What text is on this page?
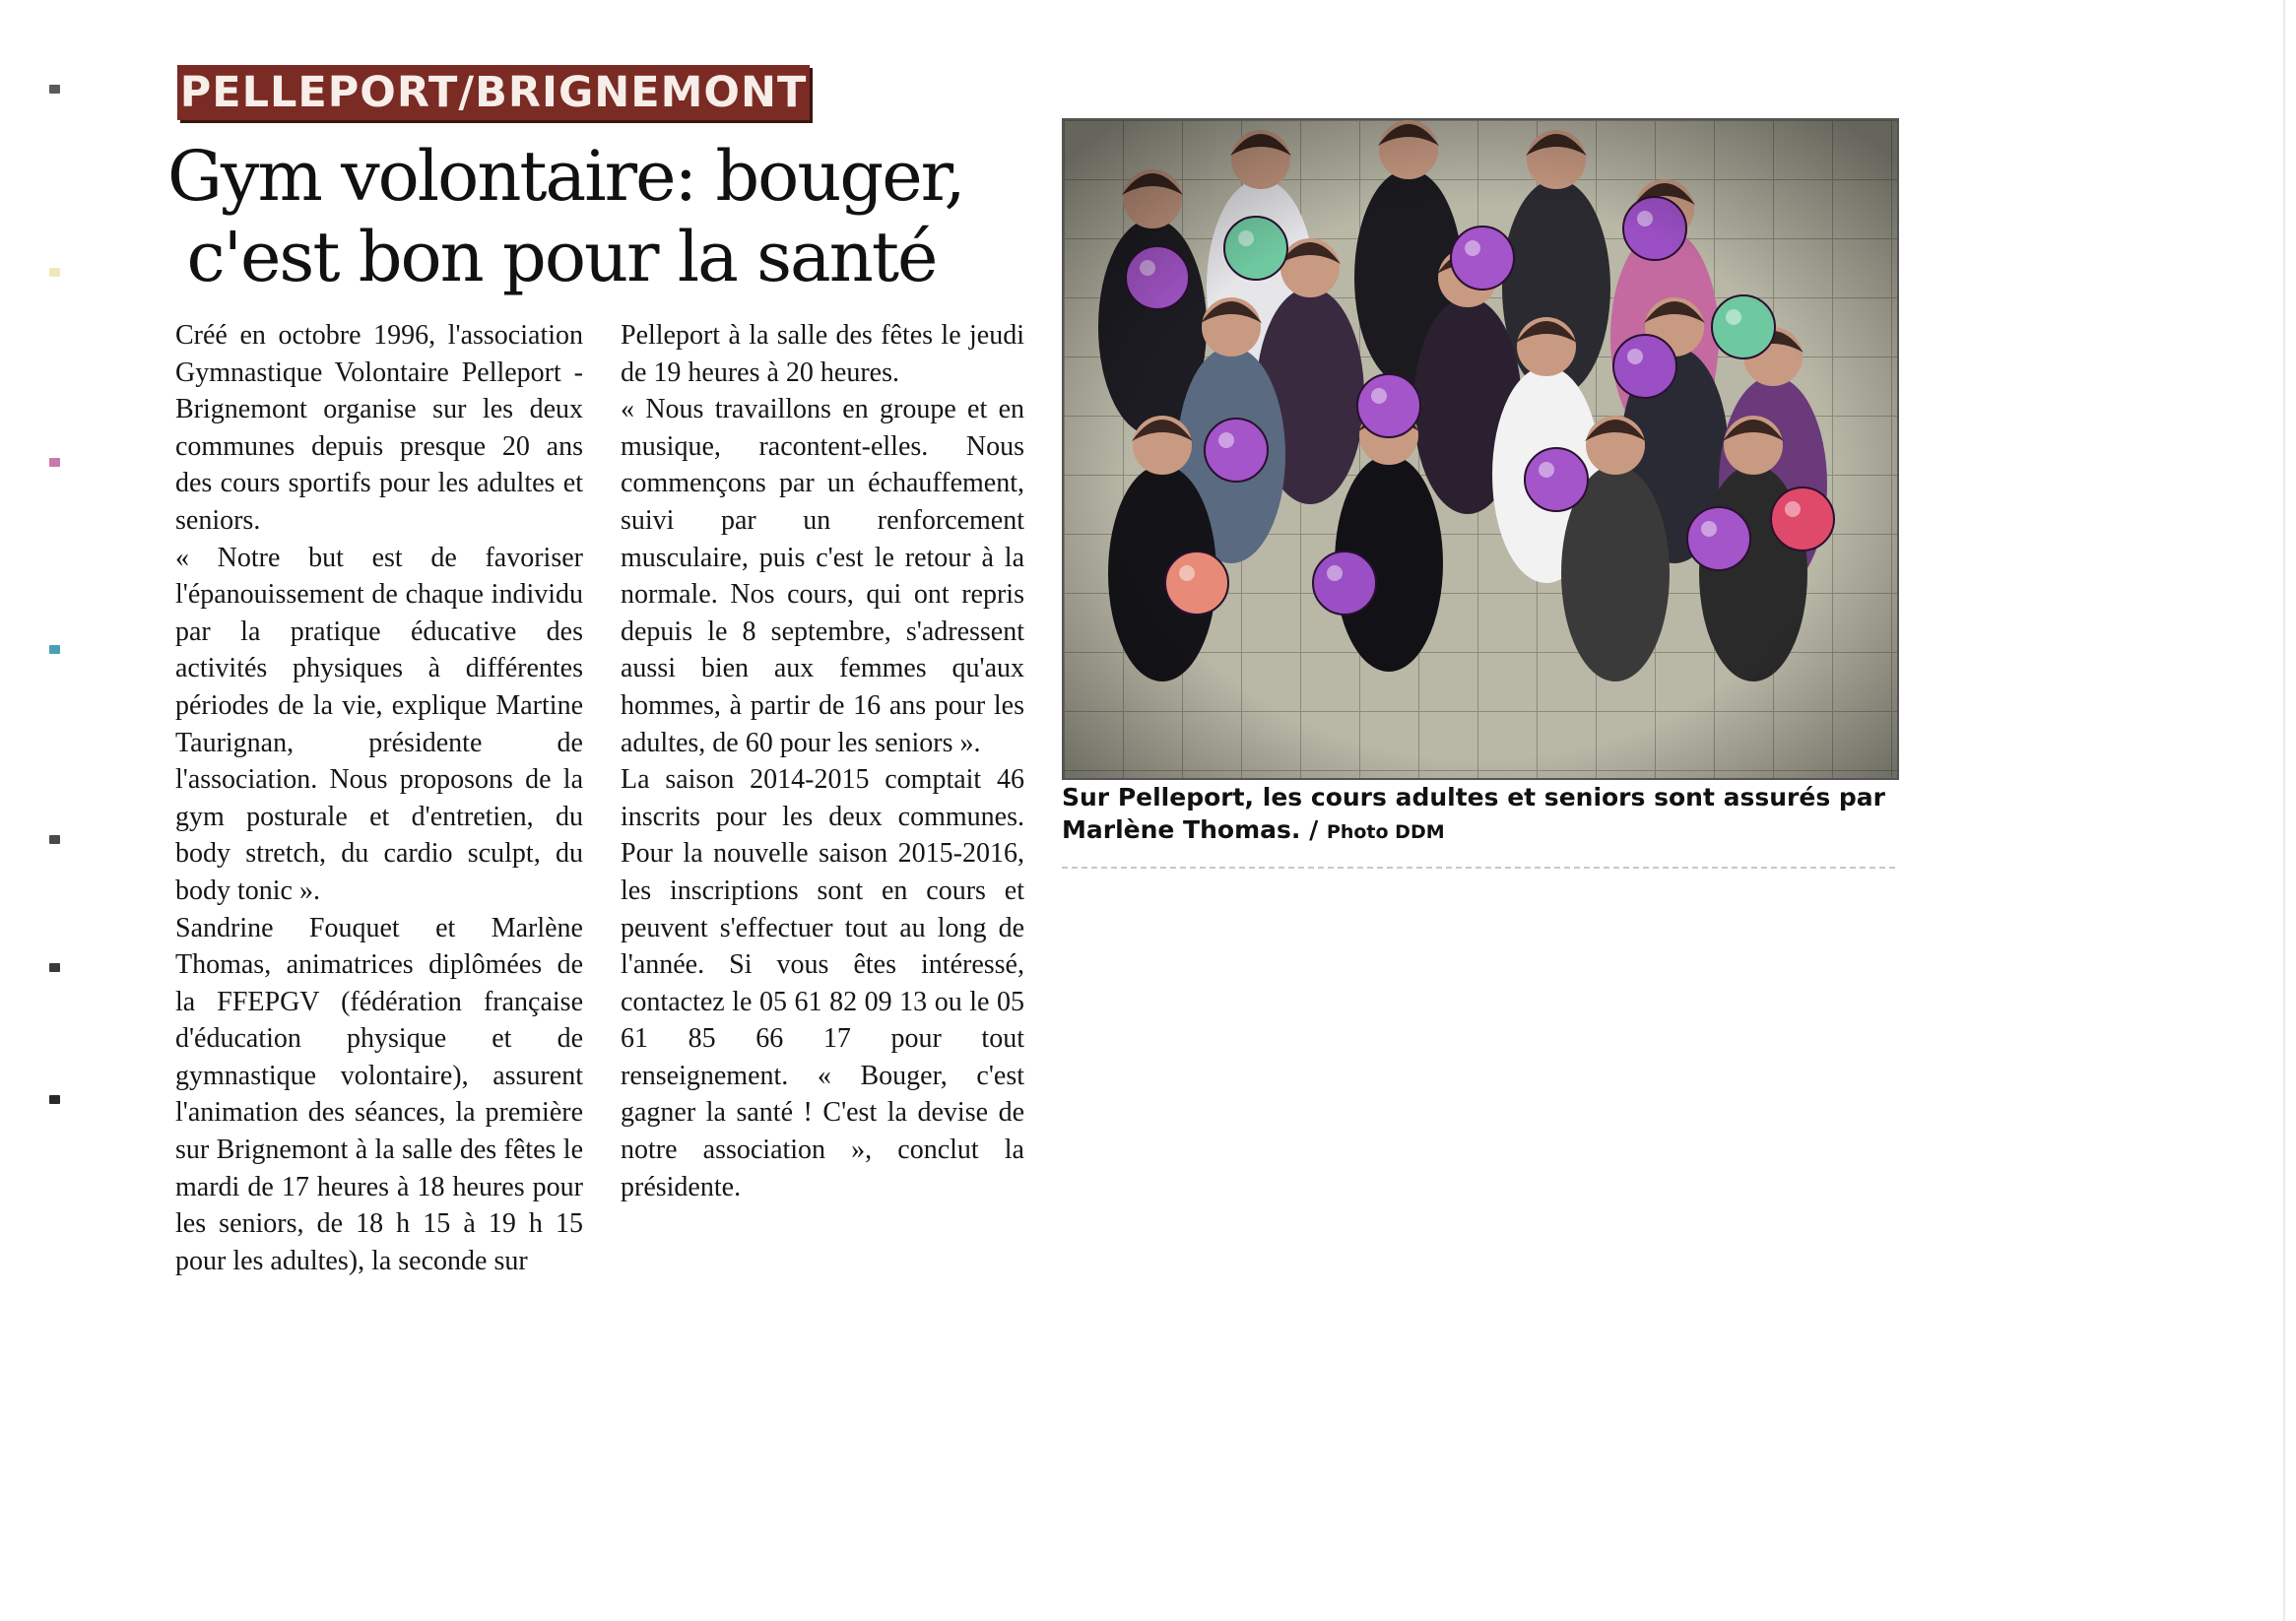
PELLEPORT/BRIGNEMONT
Gym volontaire: bouger,
c'est bon pour la santé

Créé en octobre 1996, l'association Gymnastique Volontaire Pelleport - Brignemont organise sur les deux communes depuis presque 20 ans des cours sportifs pour les adultes et seniors.

« Notre but est de favoriser l'épanouissement de chaque individu par la pratique éducative des activités physiques à différentes périodes de la vie, explique Martine Taurignan, présidente de l'association. Nous proposons de la gym posturale et d'entretien, du body stretch, du cardio sculpt, du body tonic ».

Sandrine Fouquet et Marlène Thomas, animatrices diplômées de la FFEPGV (fédération française d'éducation physique et de gymnastique volontaire), assurent l'animation des séances, la première sur Brignemont à la salle des fêtes le mardi de 17 heures à 18 heures pour les seniors, de 18 h 15 à 19 h 15 pour les adultes), la seconde sur

Pelleport à la salle des fêtes le jeudi de 19 heures à 20 heures.

« Nous travaillons en groupe et en musique, racontent-elles. Nous commençons par un échauffement, suivi par un renforcement musculaire, puis c'est le retour à la normale. Nos cours, qui ont repris depuis le 8 septembre, s'adressent aussi bien aux femmes qu'aux hommes, à partir de 16 ans pour les adultes, de 60 pour les seniors ».

La saison 2014-2015 comptait 46 inscrits pour les deux communes. Pour la nouvelle saison 2015-2016, les inscriptions sont en cours et peuvent s'effectuer tout au long de l'année. Si vous êtes intéressé, contactez le 05 61 82 09 13 ou le 05 61 85 66 17 pour tout renseignement. « Bouger, c'est gagner la santé ! C'est la devise de notre association », conclut la présidente.

Sur Pelleport, les cours adultes et seniors sont assurés par Marlène Thomas. / Photo DDM
